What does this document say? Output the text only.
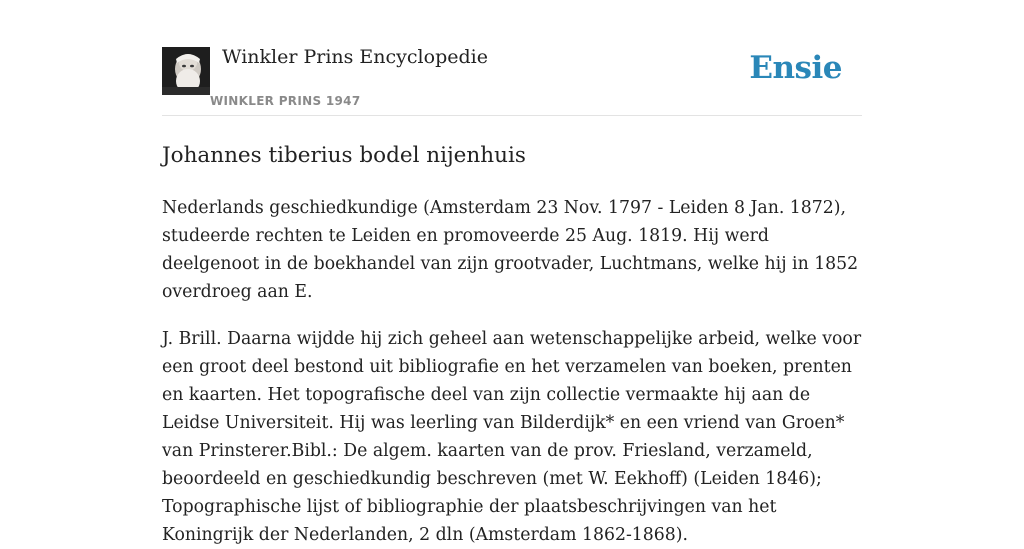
Winkler Prins Encyclopedie
WINKLER PRINS 1947
Ensie
Johannes tiberius bodel nijenhuis

Nederlands geschiedkundige (Amsterdam 23 Nov. 1797 - Leiden 8 Jan. 1872), studeerde rechten te Leiden en promoveerde 25 Aug. 1819. Hij werd deelgenoot in de boekhandel van zijn grootvader, Luchtmans, welke hij in 1852 overdroeg aan E.

J. Brill. Daarna wijdde hij zich geheel aan wetenschappelijke arbeid, welke voor een groot deel bestond uit bibliografie en het verzamelen van boeken, prenten en kaarten. Het topografische deel van zijn collectie vermaakte hij aan de Leidse Universiteit. Hij was leerling van Bilderdijk* en een vriend van Groen* van Prinsterer.Bibl.: De algem. kaarten van de prov. Friesland, verzameld, beoordeeld en geschiedkundig beschreven (met W. Eekhoff) (Leiden 1846); Topographische lijst of bibliographie der plaatsbeschrijvingen van het Koningrijk der Nederlanden, 2 dln (Amsterdam 1862-1868).
